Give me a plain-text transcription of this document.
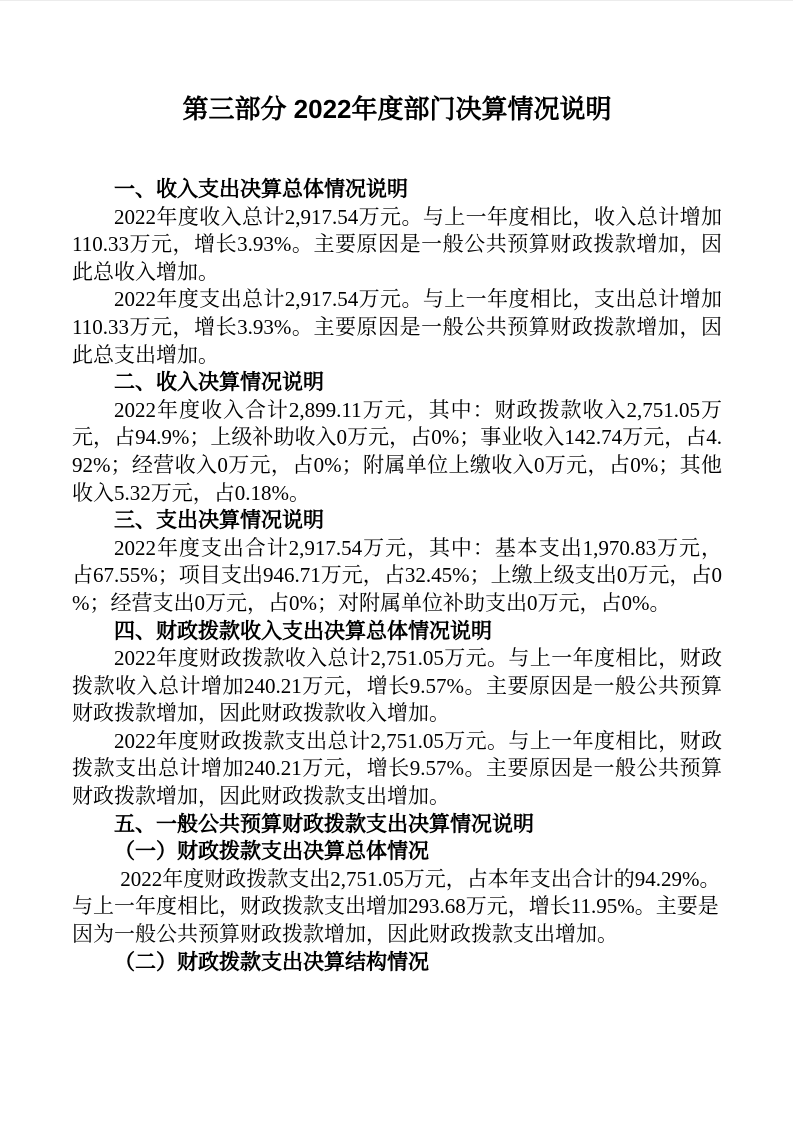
第三部分 2022年度部门决算情况说明

一、收入支出决算总体情况说明

2022年度收入总计2,917.54万元。与上一年度相比，收入总计增加110.33万元，增长3.93%。主要原因是一般公共预算财政拨款增加，因此总收入增加。

2022年度支出总计2,917.54万元。与上一年度相比，支出总计增加110.33万元，增长3.93%。主要原因是一般公共预算财政拨款增加，因此总支出增加。

二、收入决算情况说明

2022年度收入合计2,899.11万元，其中：财政拨款收入2,751.05万元，占94.9%；上级补助收入0万元，占0%；事业收入142.74万元，占4.92%；经营收入0万元，占0%；附属单位上缴收入0万元，占0%；其他收入5.32万元，占0.18%。

三、支出决算情况说明

2022年度支出合计2,917.54万元，其中：基本支出1,970.83万元，占67.55%；项目支出946.71万元，占32.45%；上缴上级支出0万元，占0%；经营支出0万元，占0%；对附属单位补助支出0万元，占0%。

四、财政拨款收入支出决算总体情况说明

2022年度财政拨款收入总计2,751.05万元。与上一年度相比，财政拨款收入总计增加240.21万元，增长9.57%。主要原因是一般公共预算财政拨款增加，因此财政拨款收入增加。

2022年度财政拨款支出总计2,751.05万元。与上一年度相比，财政拨款支出总计增加240.21万元，增长9.57%。主要原因是一般公共预算财政拨款增加，因此财政拨款支出增加。

五、一般公共预算财政拨款支出决算情况说明

（一）财政拨款支出决算总体情况

2022年度财政拨款支出2,751.05万元，占本年支出合计的94.29%。与上一年度相比，财政拨款支出增加293.68万元，增长11.95%。主要是因为一般公共预算财政拨款增加，因此财政拨款支出增加。

（二）财政拨款支出决算结构情况
